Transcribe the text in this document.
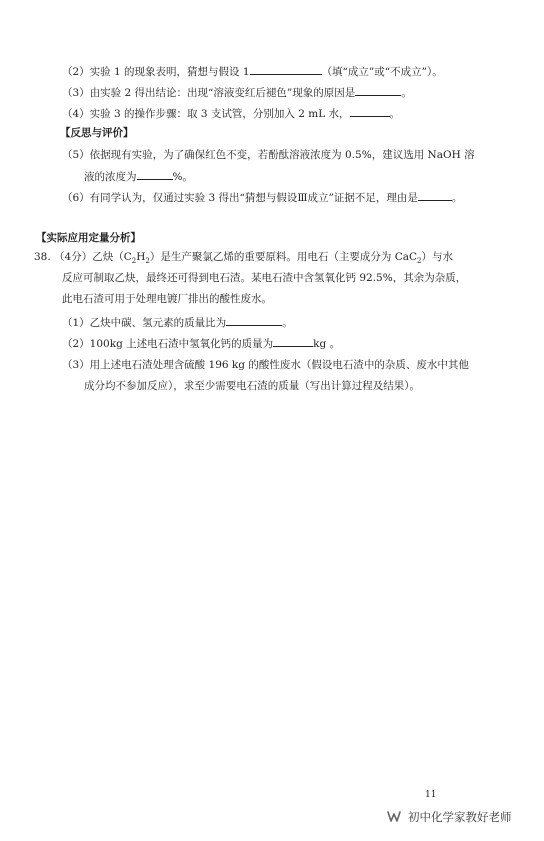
（2）实验 1 的现象表明，猜想与假设 1	（填“成立”或“不成立”）。
（3）由实验 2 得出结论：出现“溶液变红后褪色”现象的原因是	。
（4）实验 3 的操作步骤：取 3 支试管，分别加入 2 mL 水，	。
【反思与评价】
（5）依据现有实验，为了确保红色不变，若酚酞溶液浓度为 0.5%，建议选用 NaOH 溶
液的浓度为	%。
（6）有同学认为，仅通过实验 3 得出“猜想与假设Ⅲ成立”证据不足，理由是	。
【实际应用定量分析】
38. （4分）乙炔$(C_2H_2)$是生产聚氯乙烯的重要原料。用电石（主要成分为 CaC$_2$）与水
反应可制取乙炔，最终还可得到电石渣。某电石渣中含氢氧化钙 92.5%，其余为杂质，
此电石渣可用于处理电镀厂排出的酸性废水。
（1）乙炔中碳、氢元素的质量比为	。
（2）100kg 上述电石渣中氢氧化钙的质量为	kg 。
（3）用上述电石渣处理含硫酸 196 kg 的酸性废水（假设电石渣中的杂质、废水中其他
成分均不参加反应），求至少需要电石渣的质量（写出计算过程及结果）。
11
初中化学家教好老师
